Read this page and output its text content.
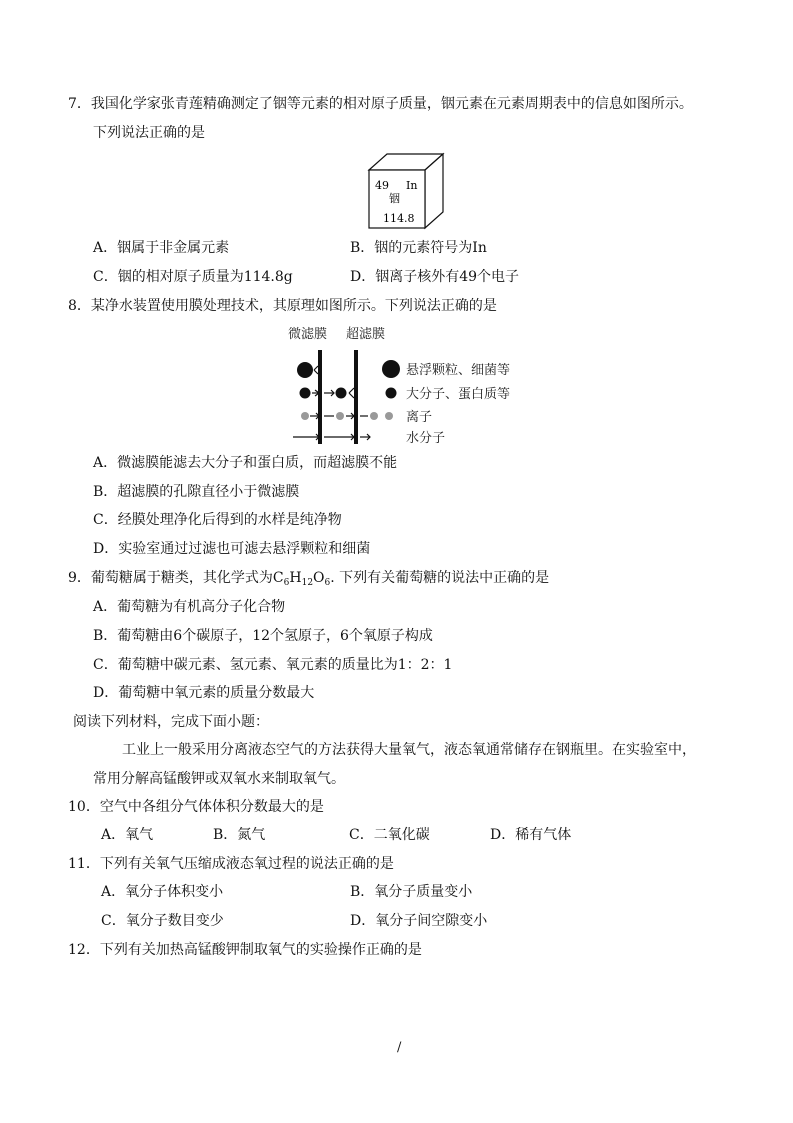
7．我国化学家张青莲精确测定了铟等元素的相对原子质量，铟元素在元素周期表中的信息如图所示。
下列说法正确的是
49 In
铟
114.8
A．铟属于非金属元素	B．铟的元素符号为In
C．铟的相对原子质量为114.8g	D．铟离子核外有49个电子
8．某净水装置使用膜处理技术，其原理如图所示。下列说法正确的是
微滤膜 超滤膜
悬浮颗粒、细菌等
大分子、蛋白质等
离子
水分子
A．微滤膜能滤去大分子和蛋白质，而超滤膜不能
B．超滤膜的孔隙直径小于微滤膜
C．经膜处理净化后得到的水样是纯净物
D．实验室通过过滤也可滤去悬浮颗粒和细菌
9．葡萄糖属于糖类，其化学式为$C_6H_{12}O_6$. 下列有关葡萄糖的说法中正确的是
A．葡萄糖为有机高分子化合物
B．葡萄糖由6个碳原子，12个氢原子，6个氧原子构成
C．葡萄糖中碳元素、氢元素、氧元素的质量比为1：2：1
D．葡萄糖中氧元素的质量分数最大
阅读下列材料，完成下面小题：
工业上一般采用分离液态空气的方法获得大量氧气，液态氧通常储存在钢瓶里。在实验室中，
常用分解高锰酸钾或双氧水来制取氧气。
10．空气中各组分气体体积分数最大的是
A．氧气	B．氮气	C．二氧化碳	D．稀有气体
11．下列有关氧气压缩成液态氧过程的说法正确的是
A．氧分子体积变小	B．氧分子质量变小
C．氧分子数目变少	D．氧分子间空隙变小
12．下列有关加热高锰酸钾制取氧气的实验操作正确的是
/
